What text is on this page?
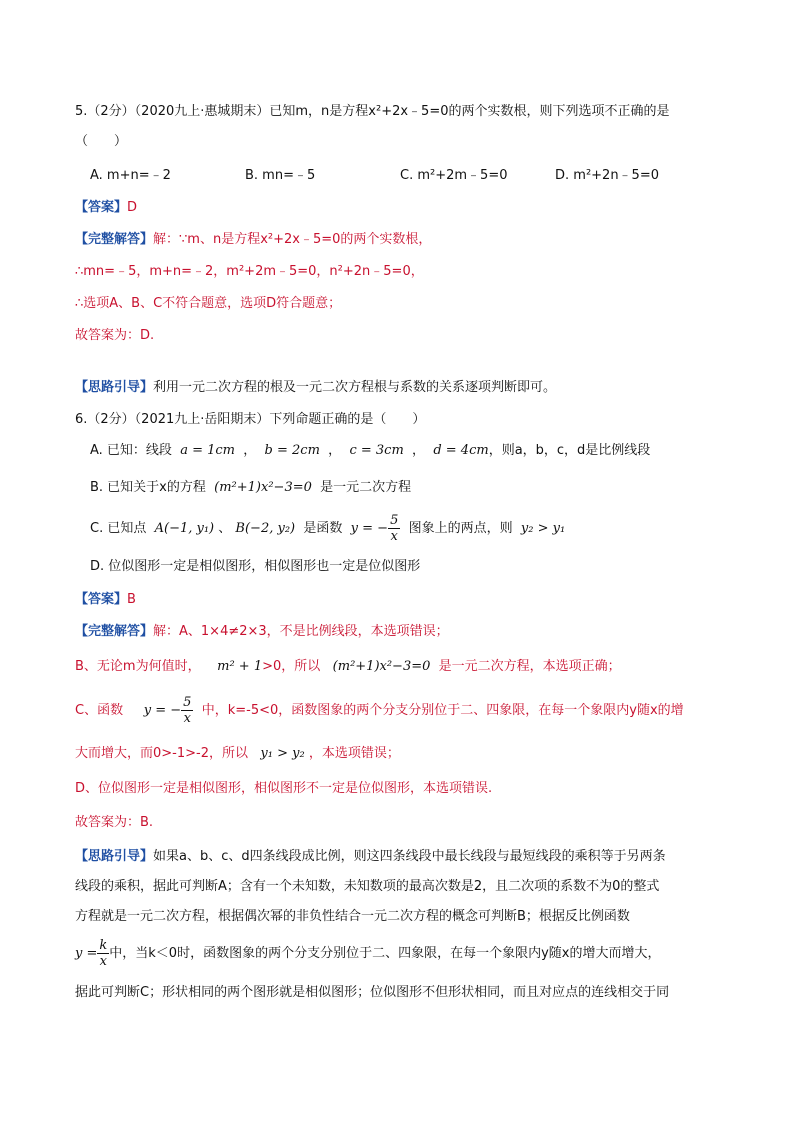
5.（2分）（2020九上·惠城期末）已知m，n是方程x²+2x﹣5=0的两个实数根，则下列选项不正确的是
（　　）
A. m+n=﹣2	B. mn=﹣5	C. m²+2m﹣5=0	D. m²+2n﹣5=0
【答案】D
【完整解答】解：∵m、n是方程x²+2x﹣5=0的两个实数根，
∴mn=﹣5，m+n=﹣2，m²+2m﹣5=0，n²+2n﹣5=0，
∴选项A、B、C不符合题意，选项D符合题意；
故答案为：D.
【思路引导】利用一元二次方程的根及一元二次方程根与系数的关系逐项判断即可。
6.（2分）（2021九上·岳阳期末）下列命题正确的是（　　）
A. 已知：线段 a = 1cm ， b = 2cm ， c = 3cm ， d = 4cm，则a，b，c，d是比例线段
B. 已知关于x的方程 (m²+1)x²−3=0 是一元二次方程
C. 已知点 A(−1, y₁) 、 B(−2, y₂) 是函数 y = − $\frac{5}{x}$ 图象上的两点，则 y₂ > y₁
D. 位似图形一定是相似图形，相似图形也一定是位似图形
【答案】B
【完整解答】解：A、1×4≠2×3，不是比例线段，本选项错误；
B、无论m为何值时， m² + 1>0，所以 (m²+1)x²−3=0 是一元二次方程，本选项正确；
C、函数 y = − $\frac{5}{x}$ 中，k=-5<0，函数图象的两个分支分别位于二、四象限，在每一个象限内y随x的增
大而增大，而0>-1>-2，所以 y₁ > y₂ ，本选项错误；
D、位似图形一定是相似图形，相似图形不一定是位似图形，本选项错误.
故答案为：B.
【思路引导】如果a、b、c、d四条线段成比例，则这四条线段中最长线段与最短线段的乘积等于另两条
线段的乘积，据此可判断A；含有一个未知数，未知数项的最高次数是2，且二次项的系数不为0的整式
方程就是一元二次方程，根据偶次幂的非负性结合一元二次方程的概念可判断B；根据反比例函数
$y = \frac{k}{x}$ 中，当k＜0时，函数图象的两个分支分别位于二、四象限，在每一个象限内y随x的增大而增大，
据此可判断C；形状相同的两个图形就是相似图形；位似图形不但形状相同，而且对应点的连线相交于同
